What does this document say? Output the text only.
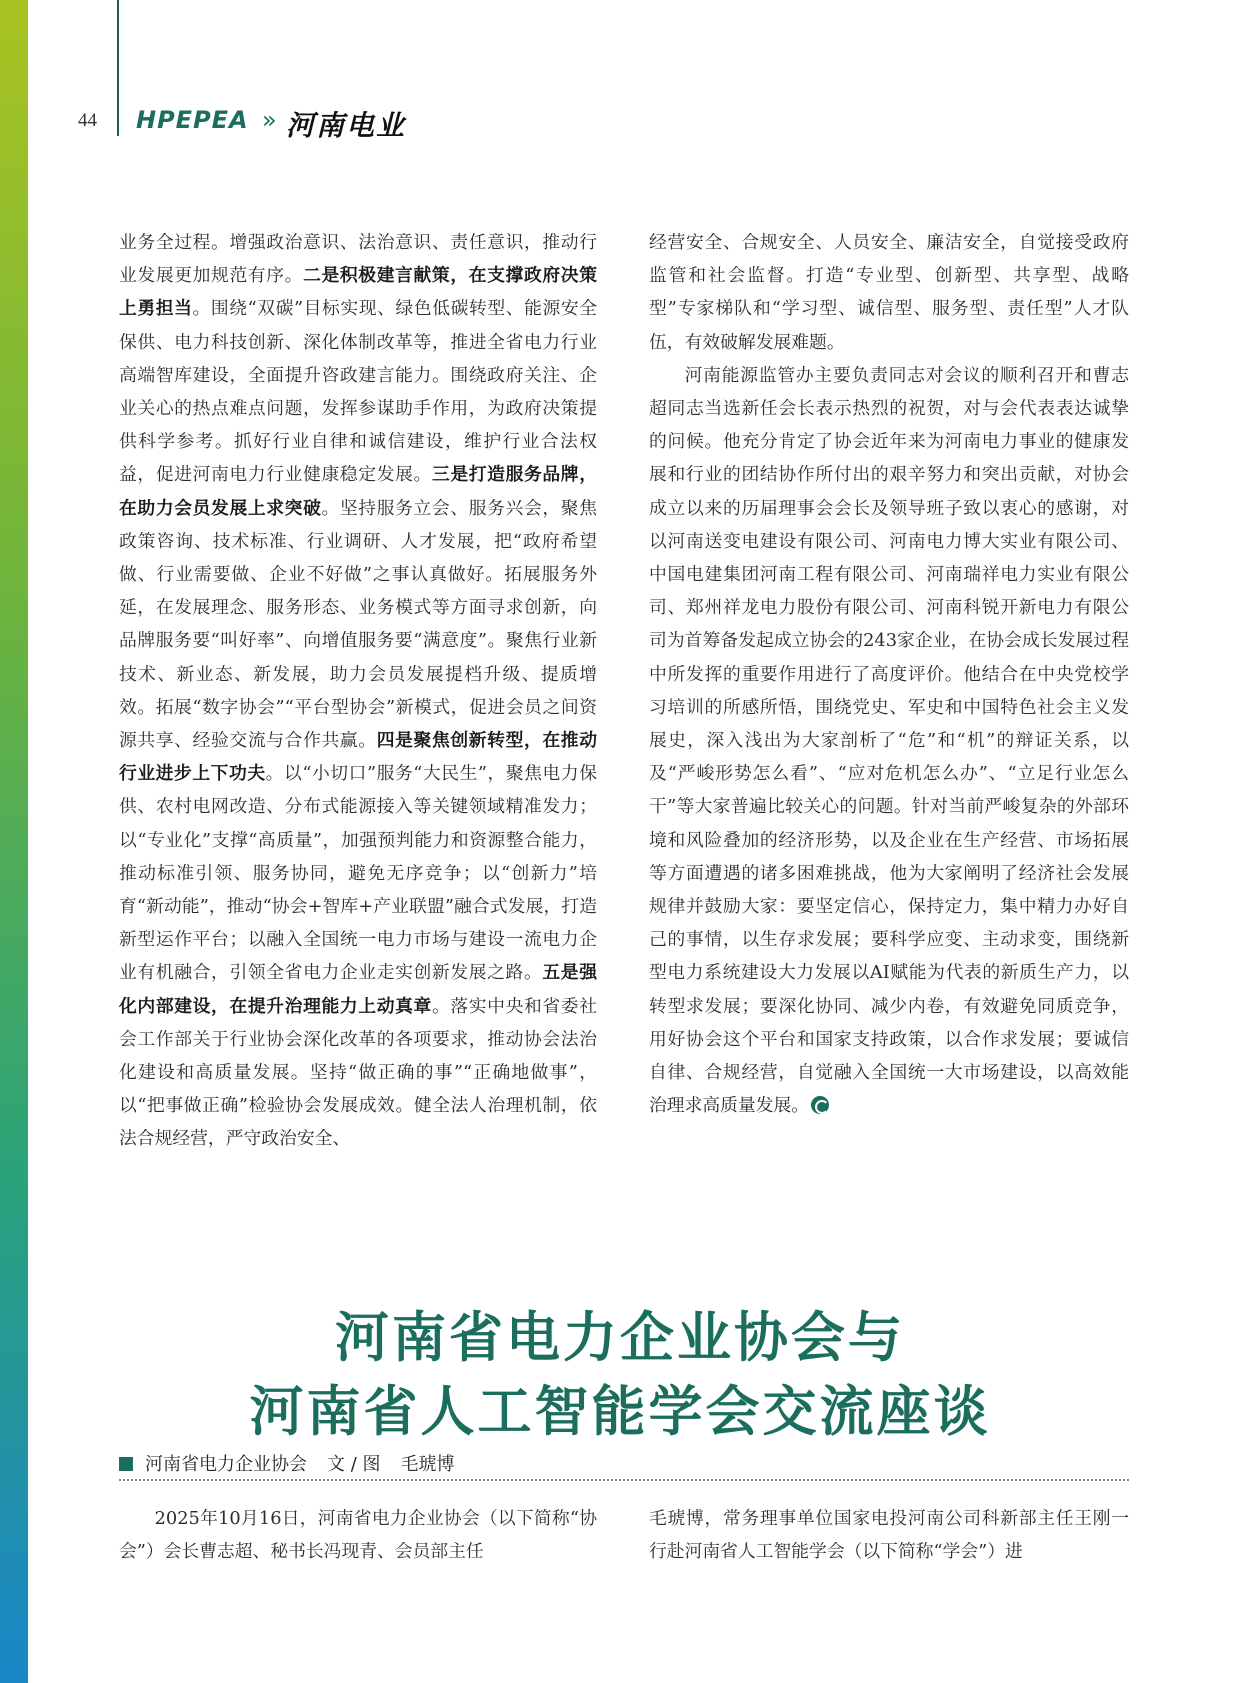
44 HPEPEA » 河南电业

业务全过程。增强政治意识、法治意识、责任意识，推动行业发展更加规范有序。二是积极建言献策，在支撑政府决策上勇担当。围绕“双碳”目标实现、绿色低碳转型、能源安全保供、电力科技创新、深化体制改革等，推进全省电力行业高端智库建设，全面提升咨政建言能力。围绕政府关注、企业关心的热点难点问题，发挥参谋助手作用，为政府决策提供科学参考。抓好行业自律和诚信建设，维护行业合法权益，促进河南电力行业健康稳定发展。三是打造服务品牌，在助力会员发展上求突破。坚持服务立会、服务兴会，聚焦政策咨询、技术标准、行业调研、人才发展，把“政府希望做、行业需要做、企业不好做”之事认真做好。拓展服务外延，在发展理念、服务形态、业务模式等方面寻求创新，向品牌服务要“叫好率”、向增值服务要“满意度”。聚焦行业新技术、新业态、新发展，助力会员发展提档升级、提质增效。拓展“数字协会”“平台型协会”新模式，促进会员之间资源共享、经验交流与合作共赢。四是聚焦创新转型，在推动行业进步上下功夫。以“小切口”服务“大民生”，聚焦电力保供、农村电网改造、分布式能源接入等关键领域精准发力；以“专业化”支撑“高质量”，加强预判能力和资源整合能力，推动标准引领、服务协同，避免无序竞争；以“创新力”培育“新动能”，推动“协会+智库+产业联盟”融合式发展，打造新型运作平台；以融入全国统一电力市场与建设一流电力企业有机融合，引领全省电力企业走实创新发展之路。五是强化内部建设，在提升治理能力上动真章。落实中央和省委社会工作部关于行业协会深化改革的各项要求，推动协会法治化建设和高质量发展。坚持“做正确的事”“正确地做事”，以“把事做正确”检验协会发展成效。健全法人治理机制，依法合规经营，严守政治安全、

经营安全、合规安全、人员安全、廉洁安全，自觉接受政府监管和社会监督。打造“专业型、创新型、共享型、战略型”专家梯队和“学习型、诚信型、服务型、责任型”人才队伍，有效破解发展难题。

河南能源监管办主要负责同志对会议的顺利召开和曹志超同志当选新任会长表示热烈的祝贺，对与会代表表达诚挚的问候。他充分肯定了协会近年来为河南电力事业的健康发展和行业的团结协作所付出的艰辛努力和突出贡献，对协会成立以来的历届理事会会长及领导班子致以衷心的感谢，对以河南送变电建设有限公司、河南电力博大实业有限公司、中国电建集团河南工程有限公司、河南瑞祥电力实业有限公司、郑州祥龙电力股份有限公司、河南科锐开新电力有限公司为首筹备发起成立协会的243家企业，在协会成长发展过程中所发挥的重要作用进行了高度评价。他结合在中央党校学习培训的所感所悟，围绕党史、军史和中国特色社会主义发展史，深入浅出为大家剖析了“危”和“机”的辩证关系，以及“严峻形势怎么看”、“应对危机怎么办”、“立足行业怎么干”等大家普遍比较关心的问题。针对当前严峻复杂的外部环境和风险叠加的经济形势，以及企业在生产经营、市场拓展等方面遭遇的诸多困难挑战，他为大家阐明了经济社会发展规律并鼓励大家：要坚定信心，保持定力，集中精力办好自己的事情，以生存求发展；要科学应变、主动求变，围绕新型电力系统建设大力发展以AI赋能为代表的新质生产力，以转型求发展；要深化协同、减少内卷，有效避免同质竞争，用好协会这个平台和国家支持政策，以合作求发展；要诚信自律、合规经营，自觉融入全国统一大市场建设，以高效能治理求高质量发展。

河南省电力企业协会与
河南省人工智能学会交流座谈
河南省电力企业协会 文 / 图 毛琥博

2025年10月16日，河南省电力企业协会（以下简称“协会”）会长曹志超、秘书长冯现青、会员部主任

毛琥博，常务理事单位国家电投河南公司科新部主任王刚一行赴河南省人工智能学会（以下简称“学会”）进
